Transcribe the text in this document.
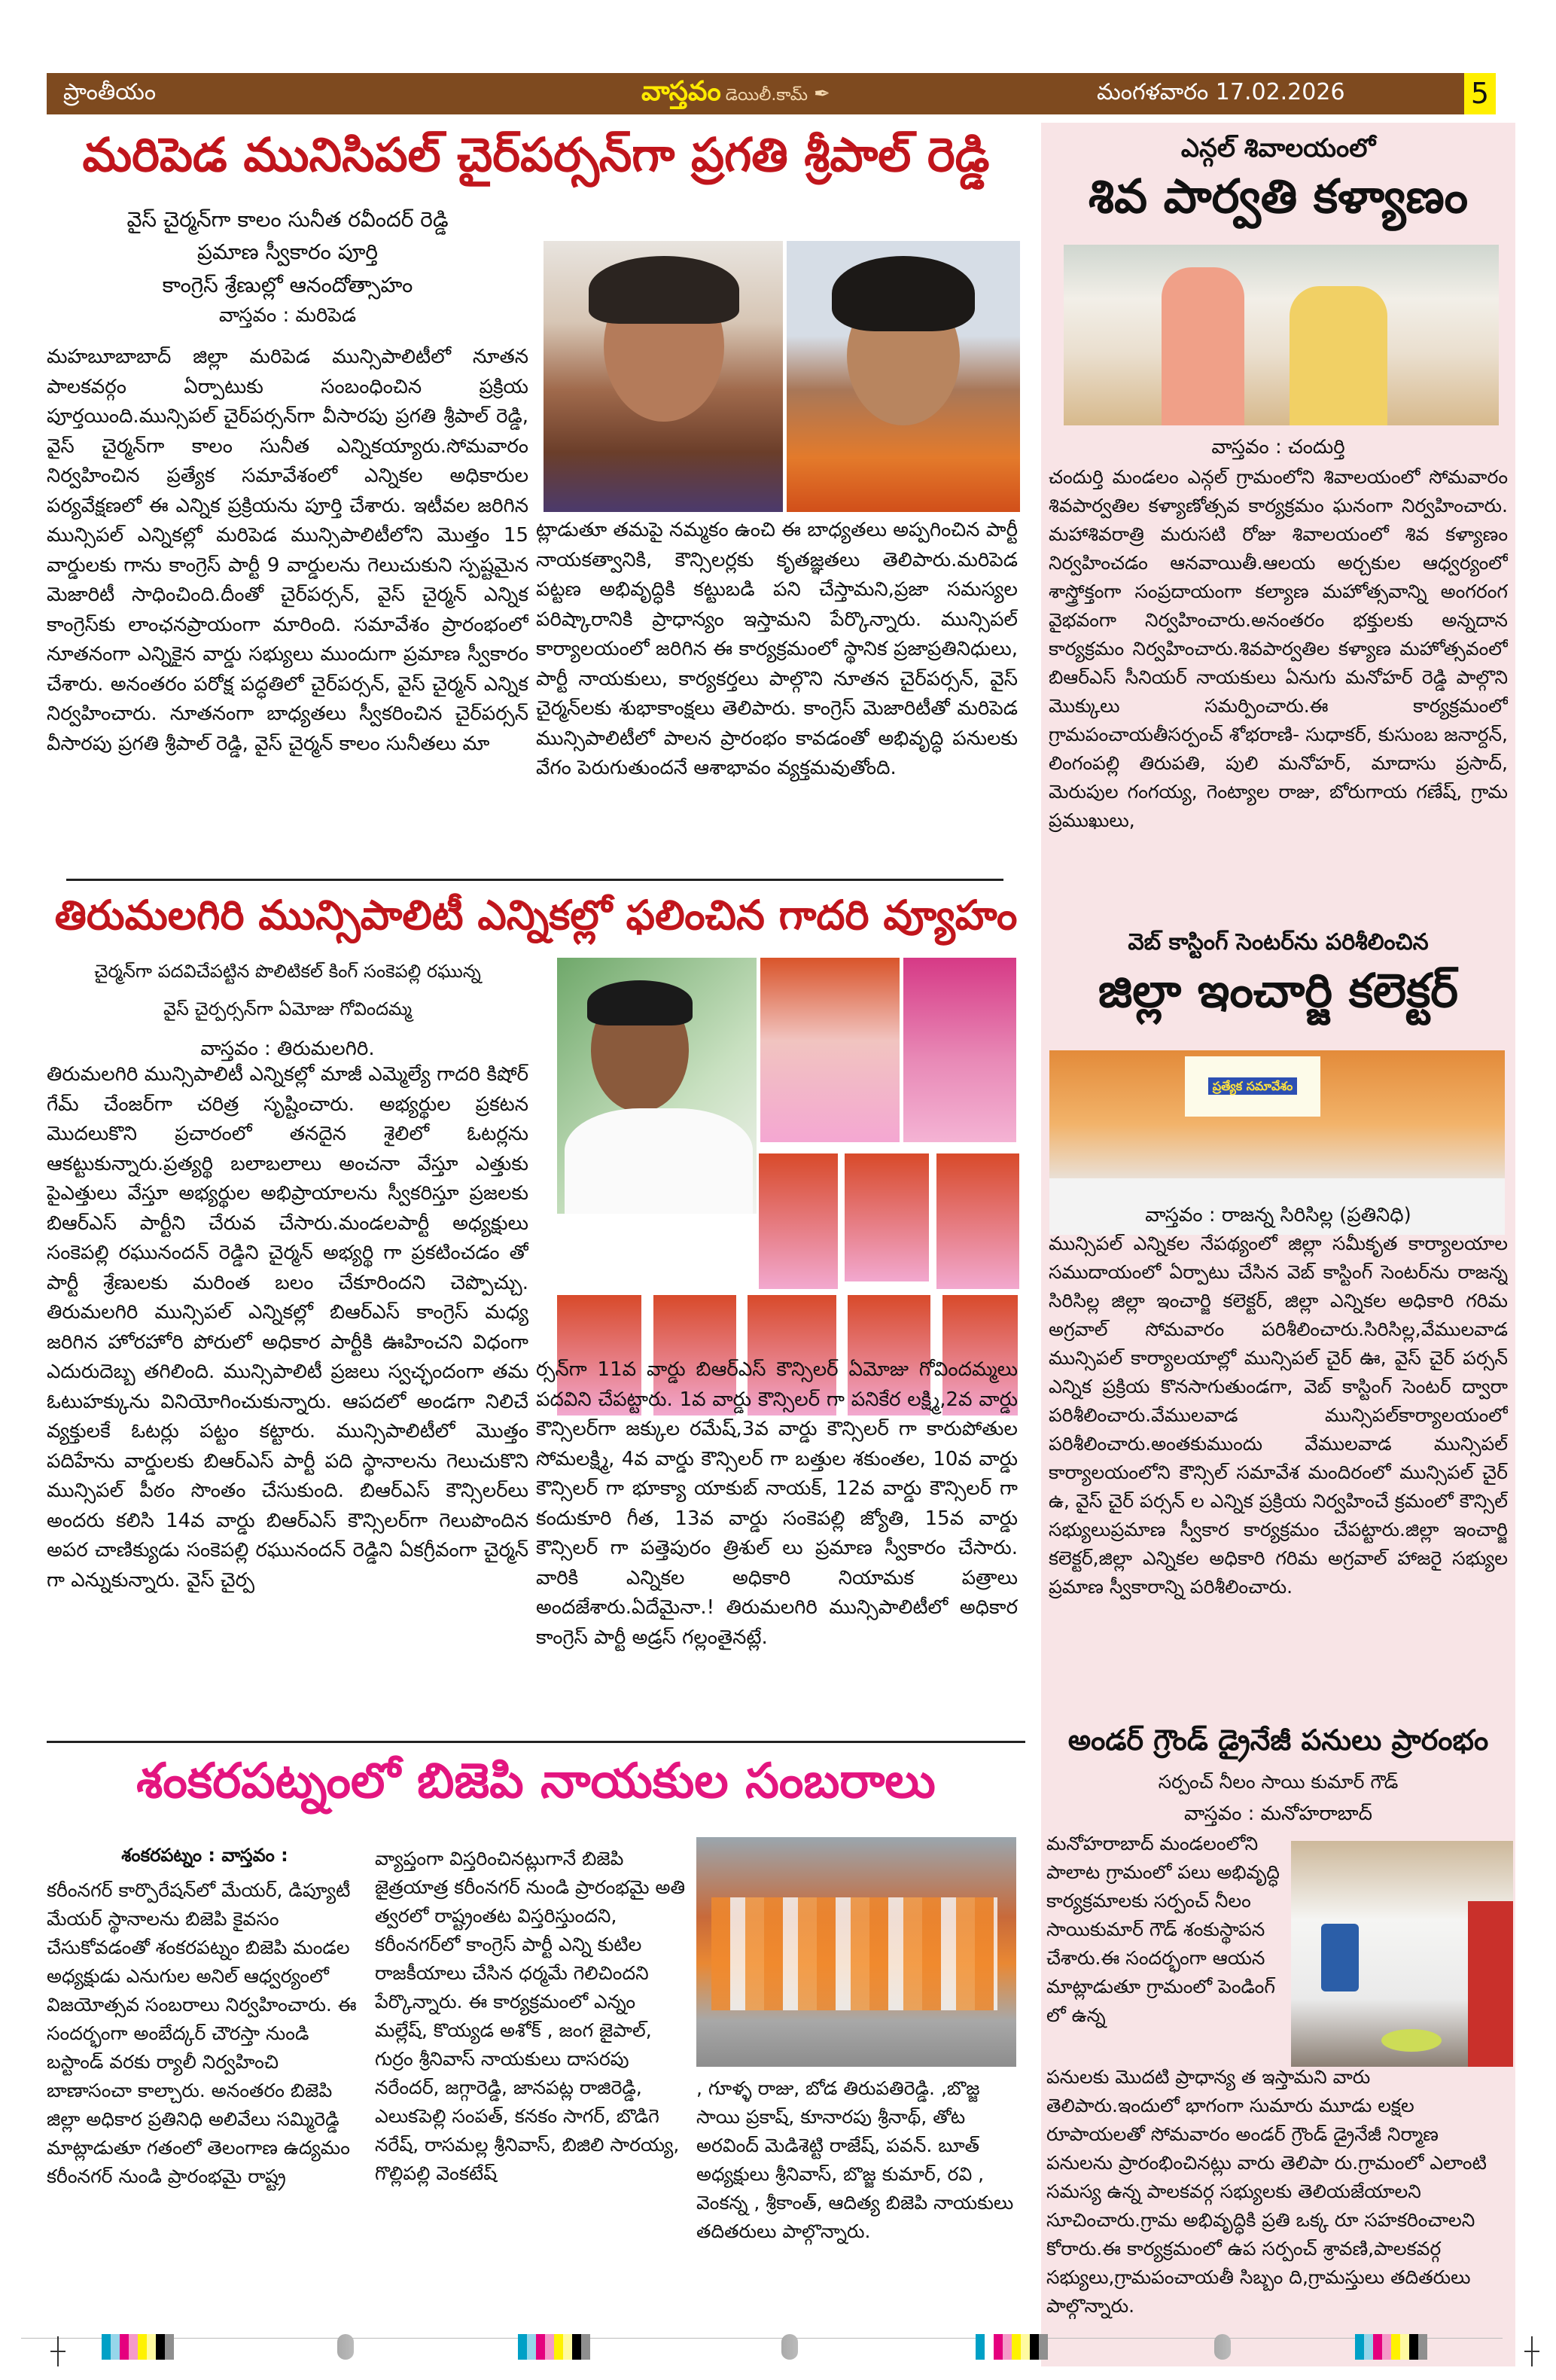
ప్రాంతీయం	వాస్తవం డెయిలీ.కామ్ ✒	మంగళవారం 17.02.2026	5
మరిపెడ మునిసిపల్ చైర్‌పర్సన్‌గా ప్రగతి శ్రీపాల్ రెడ్డి
వైస్ చైర్మన్‌గా కాలం సునీత రవీందర్ రెడ్డి
ప్రమాణ స్వీకారం పూర్తి
కాంగ్రెస్ శ్రేణుల్లో ఆనందోత్సాహం
వాస్తవం : మరిపెడ
మహబూబాబాద్ జిల్లా మరిపెడ మున్సిపాలిటీలో నూతన పాలకవర్గం ఏర్పాటుకు సంబంధించిన ప్రక్రియ పూర్తయింది.మున్సిపల్ చైర్‌పర్సన్‌గా వీసారపు ప్రగతి శ్రీపాల్ రెడ్డి, వైస్ చైర్మన్‌గా కాలం సునీత ఎన్నికయ్యారు.సోమవారం నిర్వహించిన ప్రత్యేక సమావేశంలో ఎన్నికల అధికారుల పర్యవేక్షణలో ఈ ఎన్నిక ప్రక్రియను పూర్తి చేశారు. ఇటీవల జరిగిన మున్సిపల్ ఎన్నికల్లో మరిపెడ మున్సిపాలిటీలోని మొత్తం 15 వార్డులకు గాను కాంగ్రెస్ పార్టీ 9 వార్డులను గెలుచుకుని స్పష్టమైన మెజారిటీ సాధించింది.దీంతో చైర్‌పర్సన్, వైస్ చైర్మన్ ఎన్నిక కాంగ్రెస్‌కు లాంఛనప్రాయంగా మారింది. సమావేశం ప్రారంభంలో నూతనంగా ఎన్నికైన వార్డు సభ్యులు ముందుగా ప్రమాణ స్వీకారం చేశారు. అనంతరం పరోక్ష పద్ధతిలో చైర్‌పర్సన్, వైస్ చైర్మన్ ఎన్నిక నిర్వహించారు. నూతనంగా బాధ్యతలు స్వీకరించిన చైర్‌పర్సన్ వీసారపు ప్రగతి శ్రీపాల్ రెడ్డి, వైస్ చైర్మన్ కాలం సునీతలు మా
ట్లాడుతూ తమపై నమ్మకం ఉంచి ఈ బాధ్యతలు అప్పగించిన పార్టీ నాయకత్వానికి, కౌన్సిలర్లకు కృతజ్ఞతలు తెలిపారు.మరిపెడ పట్టణ అభివృద్ధికి కట్టుబడి పని చేస్తామని,ప్రజా సమస్యల పరిష్కారానికి ప్రాధాన్యం ఇస్తామని పేర్కొన్నారు. మున్సిపల్ కార్యాలయంలో జరిగిన ఈ కార్యక్రమంలో స్థానిక ప్రజాప్రతినిధులు, పార్టీ నాయకులు, కార్యకర్తలు పాల్గొని నూతన చైర్‌పర్సన్, వైస్ చైర్మన్‌లకు శుభాకాంక్షలు తెలిపారు. కాంగ్రెస్ మెజారిటీతో మరిపెడ మున్సిపాలిటీలో పాలన ప్రారంభం కావడంతో అభివృద్ధి పనులకు వేగం పెరుగుతుందనే ఆశాభావం వ్యక్తమవుతోంది.
తిరుమలగిరి మున్సిపాలిటీ ఎన్నికల్లో ఫలించిన గాదరి వ్యూహం
చైర్మన్‌గా పదవిచేపట్టిన పొలిటికల్ కింగ్ సంకెపల్లి రఘున్న
వైస్ చైర్పర్సన్‌గా ఏమోజు గోవిందమ్మ
వాస్తవం : తిరుమలగిరి.
తిరుమలగిరి మున్సిపాలిటీ ఎన్నికల్లో మాజీ ఎమ్మెల్యే గాదరి కిషోర్ గేమ్ చేంజర్‌గా చరిత్ర సృష్టించారు. అభ్యర్థుల ప్రకటన మొదలుకొని ప్రచారంలో తనదైన శైలిలో ఓటర్లను ఆకట్టుకున్నారు.ప్రత్యర్థి బలాబలాలు అంచనా వేస్తూ ఎత్తుకు పైఎత్తులు వేస్తూ అభ్యర్థుల అభిప్రాయాలను స్వీకరిస్తూ ప్రజలకు బిఆర్ఎస్ పార్టీని చేరువ చేసారు.మండలపార్టీ అధ్యక్షులు సంకెపల్లి రఘునందన్ రెడ్డిని చైర్మన్ అభ్యర్థి గా ప్రకటించడం తో పార్టీ శ్రేణులకు మరింత బలం చేకూరిందని చెప్పొచ్చు. తిరుమలగిరి మున్సిపల్ ఎన్నికల్లో బిఆర్ఎస్ కాంగ్రెస్ మధ్య జరిగిన హోరహోరి పోరులో అధికార పార్టీకి ఊహించని విధంగా ఎదురుదెబ్బ తగిలింది. మున్సిపాలిటీ ప్రజలు స్వచ్ఛందంగా తమ ఓటుహక్కును వినియోగించుకున్నారు. ఆపదలో అండగా నిలిచే వ్యక్తులకే ఓటర్లు పట్టం కట్టారు. మున్సిపాలిటీలో మొత్తం పదిహేను వార్డులకు బిఆర్ఎస్ పార్టీ పది స్థానాలను గెలుచుకొని మున్సిపల్ పీఠం సొంతం చేసుకుంది. బిఆర్ఎస్ కౌన్సిలర్‌లు అందరు కలిసి 14వ వార్డు బిఆర్ఎస్ కౌన్సిలర్‌గా గెలుపొందిన అపర చాణిక్యుడు సంకెపల్లి రఘునందన్ రెడ్డిని ఏకగ్రీవంగా చైర్మన్ గా ఎన్నుకున్నారు. వైస్ చైర్ప
ర్సన్‌గా 11వ వార్డు బిఆర్ఎస్ కౌన్సిలర్ ఏమోజు గోవిందమ్మలు పదవిని చేపట్టారు. 1వ వార్డు కౌన్సిలర్ గా పనికేర లక్ష్మి,2వ వార్డు కౌన్సిలర్‌గా జక్కుల రమేష్,3వ వార్డు కౌన్సిలర్ గా కారుపోతుల సోమలక్ష్మి, 4వ వార్డు కౌన్సిలర్ గా బత్తుల శకుంతల, 10వ వార్డు కౌన్సిలర్ గా భూక్యా యాకుబ్ నాయక్, 12వ వార్డు కౌన్సిలర్ గా కందుకూరి గీత, 13వ వార్డు సంకెపల్లి జ్యోతి, 15వ వార్డు కౌన్సిలర్ గా పత్తెపురం త్రిశుల్ లు ప్రమాణ స్వీకారం చేసారు. వారికి ఎన్నికల అధికారి నియామక పత్రాలు అందజేశారు.ఏదేమైనా.! తిరుమలగిరి మున్సిపాలిటీలో అధికార కాంగ్రెస్ పార్టీ అడ్రస్ గల్లంతైనట్లే.
శంకరపట్నంలో బిజెపి నాయకుల సంబరాలు
శంకరపట్నం : వాస్తవం :
కరీంనగర్ కార్పొరేషన్‌లో మేయర్, డిప్యూటీ మేయర్ స్థానాలను బిజెపి కైవసం చేసుకోవడంతో శంకరపట్నం బిజెపి మండల అధ్యక్షుడు ఎనుగుల అనిల్ ఆధ్వర్యంలో విజయోత్సవ సంబరాలు నిర్వహించారు. ఈ సందర్భంగా అంబేద్కర్ చౌరస్తా నుండి బస్టాండ్ వరకు ర్యాలీ నిర్వహించి బాణాసంచా కాల్చారు. అనంతరం బిజెపి జిల్లా అధికార ప్రతినిధి అలివేలు సమ్మిరెడ్డి మాట్లాడుతూ గతంలో తెలంగాణ ఉద్యమం కరీంనగర్ నుండి ప్రారంభమై రాష్ట్ర
వ్యాప్తంగా విస్తరించినట్లుగానే బిజెపి జైత్రయాత్ర కరీంనగర్ నుండి ప్రారంభమై అతి త్వరలో రాష్ట్రంతట విస్తరిస్తుందని, కరీంనగర్‌లో కాంగ్రెస్ పార్టీ ఎన్ని కుటిల రాజకీయాలు చేసిన ధర్మమే గెలిచిందని పేర్కొన్నారు. ఈ కార్యక్రమంలో ఎన్నం మల్లేష్, కొయ్యడ అశోక్ , జంగ జైపాల్, గుర్రం శ్రీనివాస్ నాయకులు దాసరపు నరేందర్, జగ్గారెడ్డి, జానపట్ల రాజిరెడ్డి, ఎలుకపెల్లి సంపత్, కనకం సాగర్, బొడిగె నరేష్, రాసమల్ల శ్రీనివాస్, బిజిలి సారయ్య, గొల్లిపల్లి వెంకటేష్
, గూళ్ళ రాజు, బోడ తిరుపతిరెడ్డి. ,బొజ్జ సాయి ప్రకాష్, కూనారపు శ్రీనాథ్, తోట అరవింద్ మెడిశెట్టి రాజేష్, పవన్. బూత్ అధ్యక్షులు శ్రీనివాస్, బొజ్జ కుమార్, రవి , వెంకన్న , శ్రీకాంత్, ఆదిత్య బిజెపి నాయకులు తదితరులు పాల్గొన్నారు.
ఎన్గల్ శివాలయంలో
శివ పార్వతి కళ్యాణం
వాస్తవం : చందుర్తి
చందుర్తి మండలం ఎన్గల్ గ్రామంలోని శివాలయంలో సోమవారం శివపార్వతిల కళ్యాణోత్సవ కార్యక్రమం ఘనంగా నిర్వహించారు. మహాశివరాత్రి మరుసటి రోజు శివాలయంలో శివ కళ్యాణం నిర్వహించడం ఆనవాయితీ.ఆలయ అర్చకుల ఆధ్వర్యంలో శాస్త్రోక్తంగా సంప్రదాయంగా కల్యాణ మహోత్సవాన్ని అంగరంగ వైభవంగా నిర్వహించారు.అనంతరం భక్తులకు అన్నదాన కార్యక్రమం నిర్వహించారు.శివపార్వతిల కళ్యాణ మహోత్సవంలో బిఆర్ఎస్ సీనియర్ నాయకులు ఏనుగు మనోహర్ రెడ్డి పాల్గొని మొక్కులు సమర్పించారు.ఈ కార్యక్రమంలో గ్రామపంచాయతీసర్పంచ్ శోభరాణి- సుధాకర్, కుసుంబ జనార్దన్, లింగంపల్లి తిరుపతి, పులి మనోహర్, మాదాసు ప్రసాద్, మెరుపుల గంగయ్య, గెంట్యాల రాజు, బోరుగాయ గణేష్, గ్రామ ప్రముఖులు,
వెబ్ కాస్టింగ్ సెంటర్‌ను పరిశీలించిన
జిల్లా ఇంచార్జి కలెక్టర్
ప్రత్యేక సమావేశం
వాస్తవం : రాజన్న సిరిసిల్ల (ప్రతినిధి)
మున్సిపల్ ఎన్నికల నేపథ్యంలో జిల్లా సమీకృత కార్యాలయాల సముదాయంలో ఏర్పాటు చేసిన వెబ్ కాస్టింగ్ సెంటర్‌ను రాజన్న సిరిసిల్ల జిల్లా ఇంచార్జి కలెక్టర్, జిల్లా ఎన్నికల అధికారి గరిమ అగ్రవాల్ సోమవారం పరిశీలించారు.సిరిసిల్ల,వేములవాడ మున్సిపల్ కార్యాలయాల్లో మున్సిపల్ చైర్ ఊ, వైస్ చైర్ పర్సన్ ఎన్నిక ప్రక్రియ కొనసాగుతుండగా, వెబ్ కాస్టింగ్ సెంటర్ ద్వారా పరిశీలించారు.వేములవాడ మున్సిపల్‌కార్యాలయంలో పరిశీలించారు.అంతకుముందు వేములవాడ మున్సిపల్ కార్యాలయంలోని కౌన్సిల్ సమావేశ మందిరంలో మున్సిపల్ చైర్ ఉ, వైస్ చైర్ పర్సన్ ల ఎన్నిక ప్రక్రియ నిర్వహించే క్రమంలో కౌన్సిల్ సభ్యులుప్రమాణ స్వీకార కార్యక్రమం చేపట్టారు.జిల్లా ఇంచార్జి కలెక్టర్,జిల్లా ఎన్నికల అధికారి గరిమ అగ్రవాల్ హాజరై సభ్యుల ప్రమాణ స్వీకారాన్ని పరిశీలించారు.
అండర్ గ్రౌండ్ డ్రైనేజీ పనులు ప్రారంభం
సర్పంచ్ నీలం సాయి కుమార్ గౌడ్
వాస్తవం : మనోహరాబాద్
మనోహరాబాద్ మండలంలోని పాలాట గ్రామంలో పలు అభివృద్ధి కార్యక్రమాలకు సర్పంచ్ నీలం సాయికుమార్ గౌడ్ శంకుస్థాపన చేశారు.ఈ సందర్భంగా ఆయన మాట్లాడుతూ గ్రామంలో పెండింగ్ లో ఉన్న
పనులకు మొదటి ప్రాధాన్య త ఇస్తామని వారు తెలిపారు.ఇందులో భాగంగా సుమారు మూడు లక్షల రూపాయలతో సోమవారం అండర్ గ్రౌండ్ డ్రైనేజీ నిర్మాణ పనులను ప్రారంభించినట్లు వారు తెలిపా రు.గ్రామంలో ఎలాంటి సమస్య ఉన్న పాలకవర్గ సభ్యులకు తెలియజేయాలని సూచించారు.గ్రామ అభివృద్ధికి ప్రతి ఒక్క రూ సహకరించాలని కోరారు.ఈ కార్యక్రమంలో ఉప సర్పంచ్ శ్రావణి,పాలకవర్గ సభ్యులు,గ్రామపంచాయతీ సిబ్బం ది,గ్రామస్తులు తదితరులు పాల్గొన్నారు.
